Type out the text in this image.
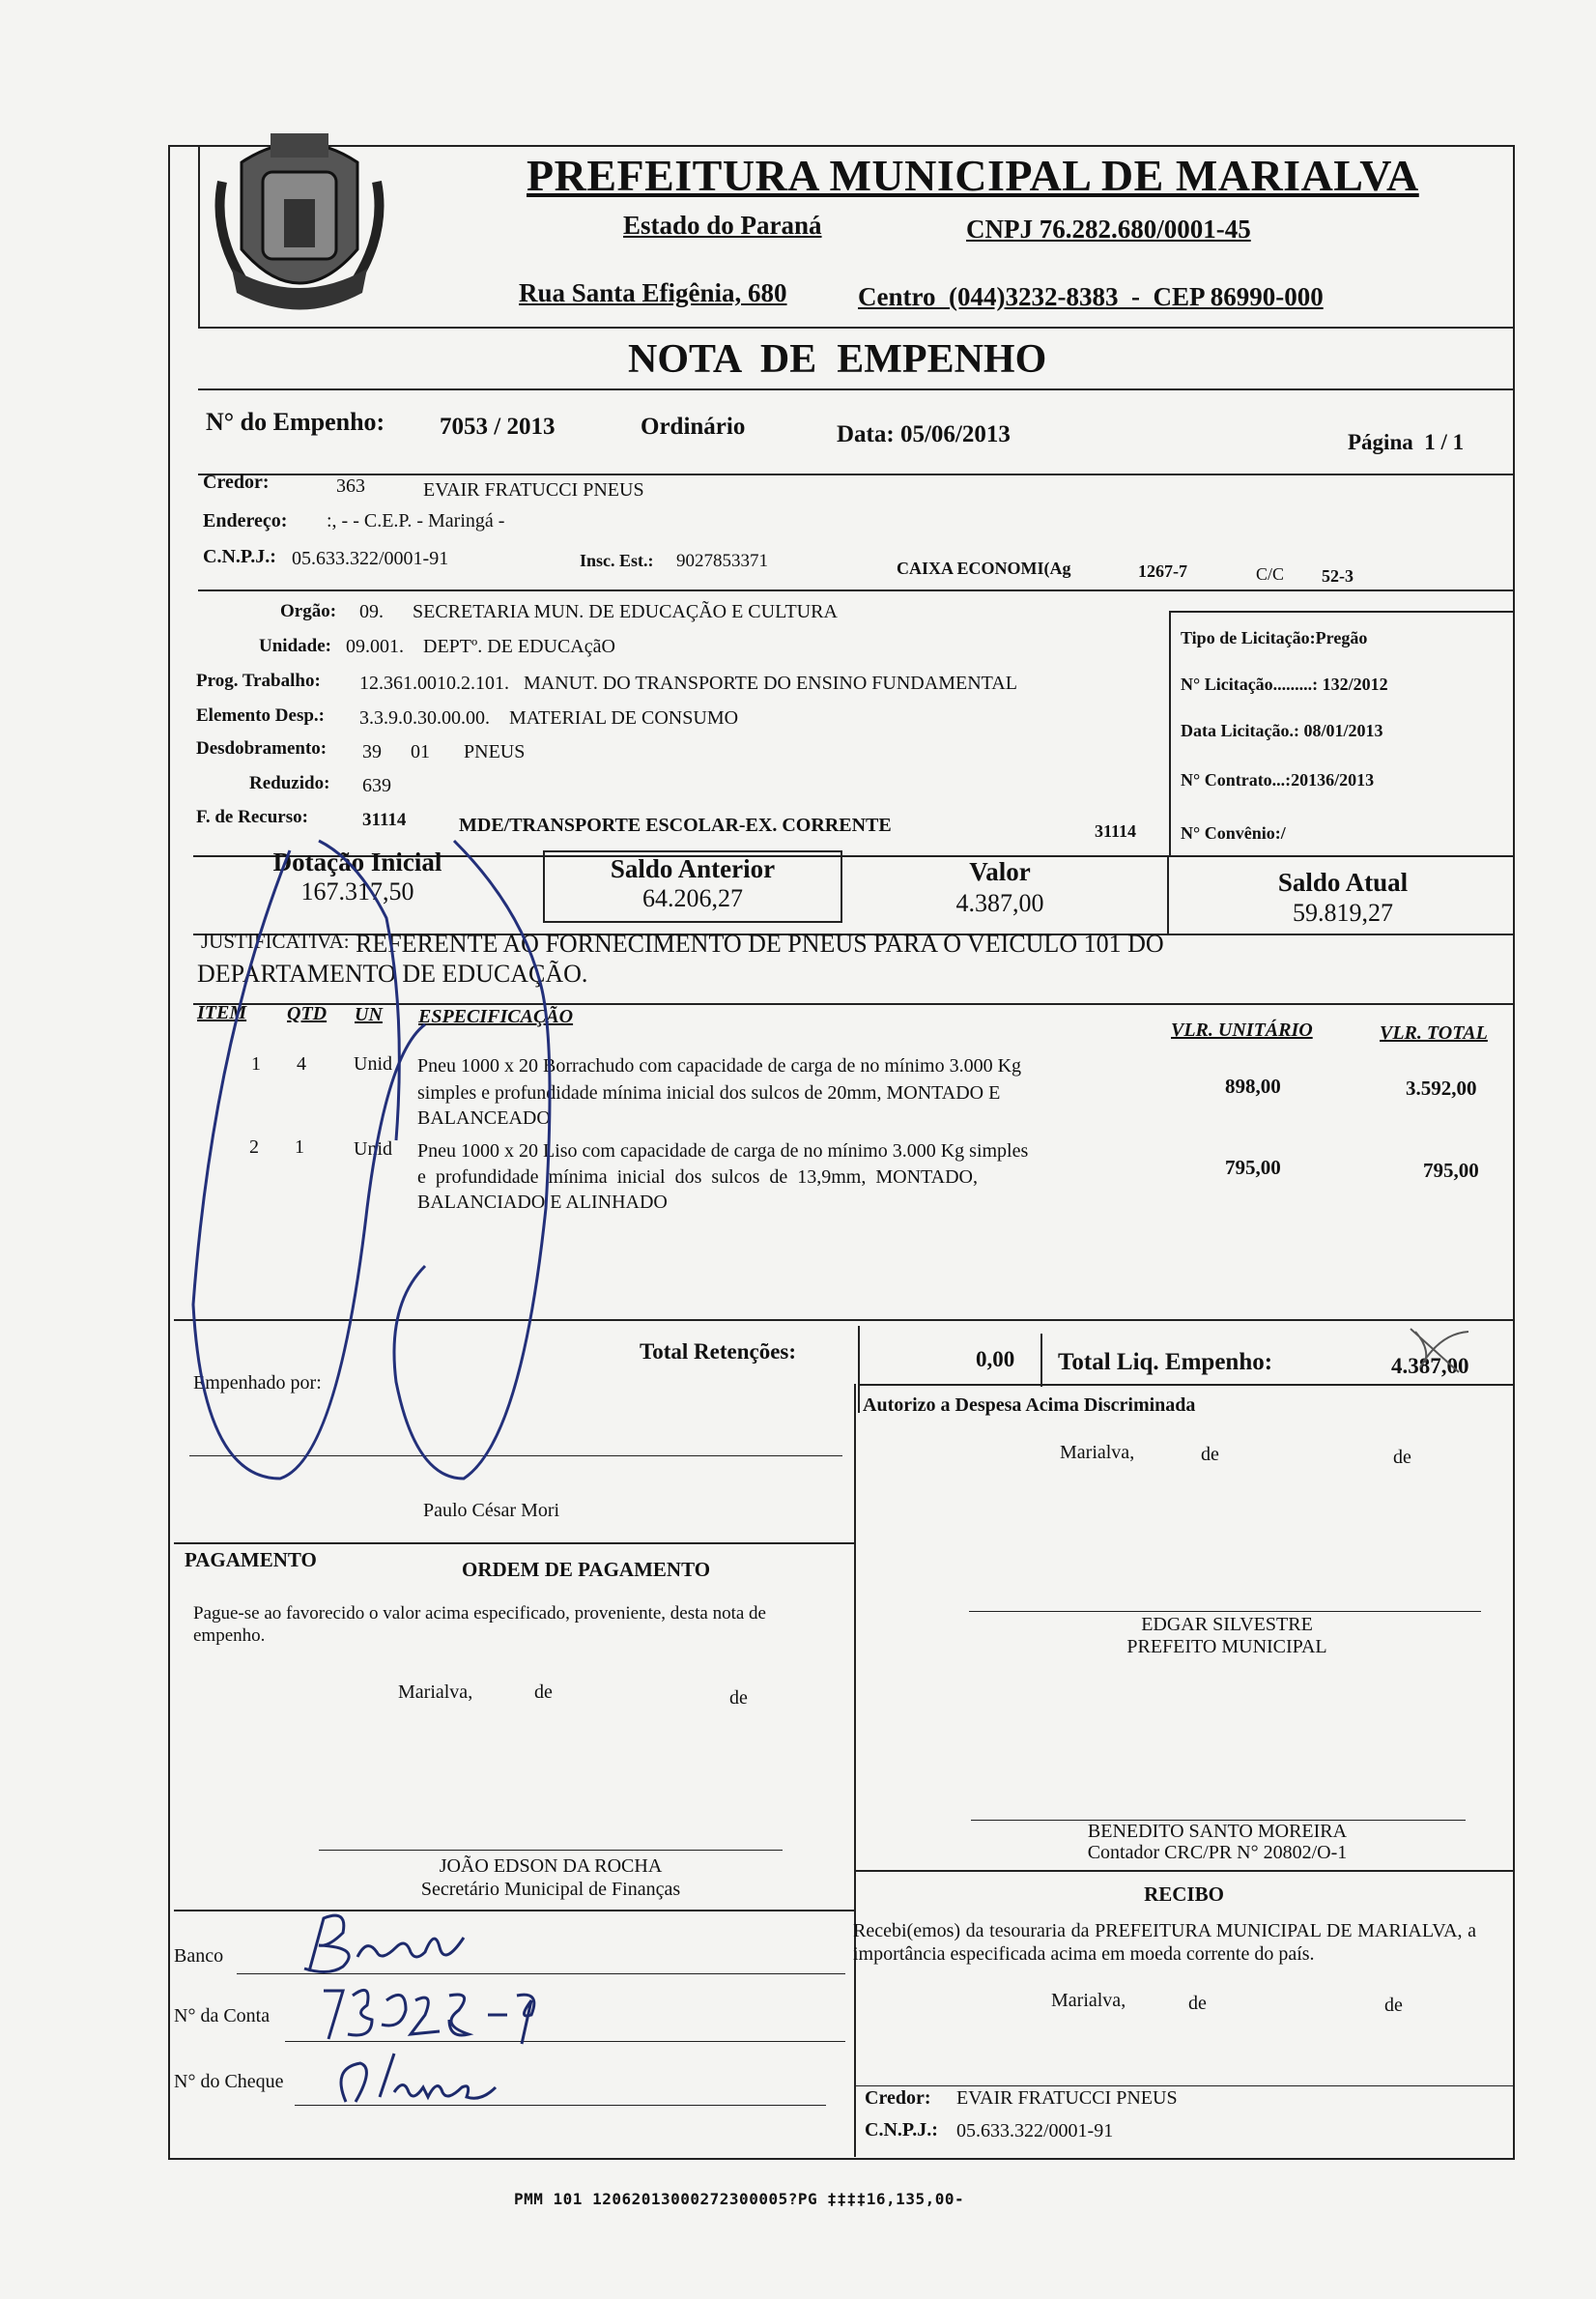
PREFEITURA MUNICIPAL DE MARIALVA
Estado do Paraná	CNPJ 76.282.680/0001-45
Rua Santa Efigênia, 680	Centro  (044)3232-8383  -  CEP 86990-000
NOTA  DE  EMPENHO
N° do Empenho: 7053 / 2013	Ordinário	Data: 05/06/2013	Página  1 / 1
Credor:	363	EVAIR FRATUCCI PNEUS
Endereço: :, - - C.E.P. - Maringá -
C.N.P.J.: 05.633.322/0001-91	Insc. Est.: 9027853371	CAIXA ECONOMI(Ag	1267-7	C/C 52-3
Orgão: 09.      SECRETARIA MUN. DE EDUCAÇÃO E CULTURA
Unidade: 09.001.    DEPTº. DE EDUCAçãO
Prog. Trabalho: 12.361.0010.2.101.   MANUT. DO TRANSPORTE DO ENSINO FUNDAMENTAL
Elemento Desp.: 3.3.9.0.30.00.00.    MATERIAL DE CONSUMO
Desdobramento: 39      01       PNEUS
Reduzido: 639
F. de Recurso:	31114	MDE/TRANSPORTE ESCOLAR-EX. CORRENTE	31114
Tipo de Licitação:Pregão
N° Licitação.........: 132/2012
Data Licitação.: 08/01/2013
N° Contrato...:20136/2013
N° Convênio:/
Dotação Inicial
167.317,50
Saldo Anterior
64.206,27
Valor
4.387,00
Saldo Atual
59.819,27
JUSTIFICATIVA: REFERENTE AO FORNECIMENTO DE PNEUS PARA O VEICULO 101 DO
DEPARTAMENTO DE EDUCAÇÃO.
ITEM QTD UN ESPECIFICAÇÃO
VLR. UNITÁRIO	VLR. TOTAL
1 4 Unid Pneu 1000 x 20 Borrachudo com capacidade de carga de no mínimo 3.000 Kg
simples e profundidade mínima inicial dos sulcos de 20mm, MONTADO E
BALANCEADO
898,00	3.592,00
2 1	Unid Pneu 1000 x 20 Liso com capacidade de carga de no mínimo 3.000 Kg simples
e  profundidade  mínima  inicial  dos  sulcos  de  13,9mm,  MONTADO,
BALANCIADO E ALINHADO
795,00	795,00
Total Retenções:	0,00 Total Liq. Empenho:	4.387,00
Empenhado por:
Paulo César Mori
Autorizo a Despesa Acima Discriminada
Marialva,	de	de
PAGAMENTO	ORDEM DE PAGAMENTO
Pague-se ao favorecido o valor acima especificado, proveniente, desta nota de empenho.
Marialva,	de	de
EDGAR SILVESTRE
PREFEITO MUNICIPAL
BENEDITO SANTO MOREIRA
Contador CRC/PR N° 20802/O-1
JOÃO EDSON DA ROCHA
Secretário Municipal de Finanças	RECIBO
Recebi(emos) da tesouraria da PREFEITURA MUNICIPAL DE MARIALVA, a importância especificada acima em moeda corrente do país.
Marialva,	de	de
Credor: EVAIR FRATUCCI PNEUS
C.N.P.J.: 05.633.322/0001-91
Banco
N° da Conta
N° do Cheque
PMM 101 12062013000272300005?PG ‡‡‡‡16,135,00-
